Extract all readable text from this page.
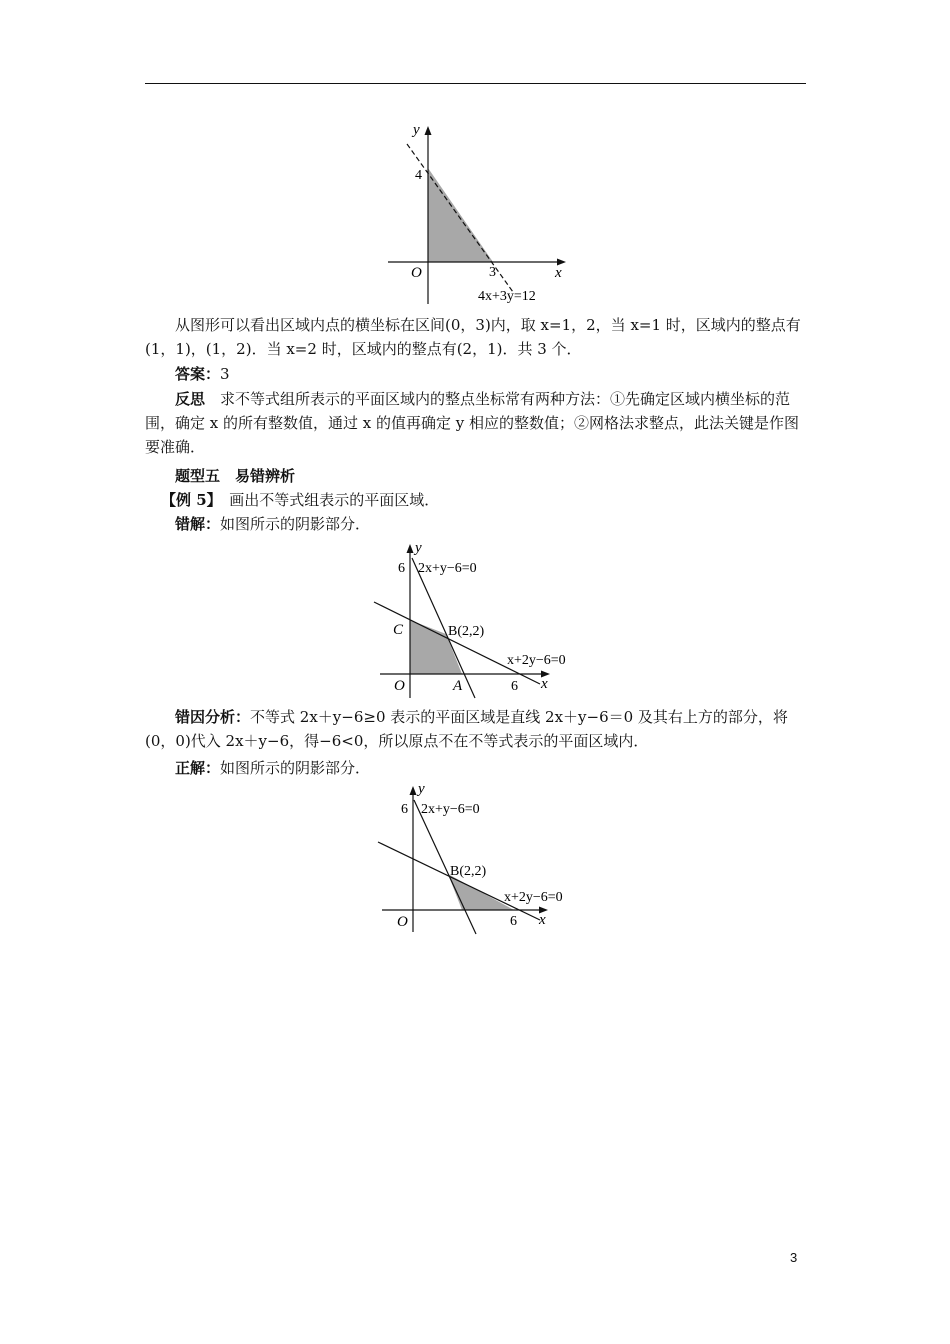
y
x
O
4
3
4x+3y=12

从图形可以看出区域内点的横坐标在区间(0，3)内，取 x=1，2，当 x=1 时，区域内的整点有(1，1)，(1，2)．当 x=2 时，区域内的整点有(2，1)．共 3 个．

答案：3

反思　 求不等式组所表示的平面区域内的整点坐标常有两种方法：①先确定区域内横坐标的范围，确定 x 的所有整数值，通过 x 的值再确定 y 相应的整数值；②网格法求整点，此法关键是作图要准确．

题型五　易错辨析

【例 5】　 画出不等式组表示的平面区域．

错解：如图所示的阴影部分．

y
x
O
6
6
2x+y−6=0
x+2y−6=0
B(2,2)
C
A

错因分析：不等式 2x＋y−6≥0 表示的平面区域是直线 2x＋y−6＝0 及其右上方的部分，将(0，0)代入 2x＋y−6，得−6<0，所以原点不在不等式表示的平面区域内．

正解：如图所示的阴影部分．

y
x
O
6
6
2x+y−6=0
x+2y−6=0
B(2,2)
3
